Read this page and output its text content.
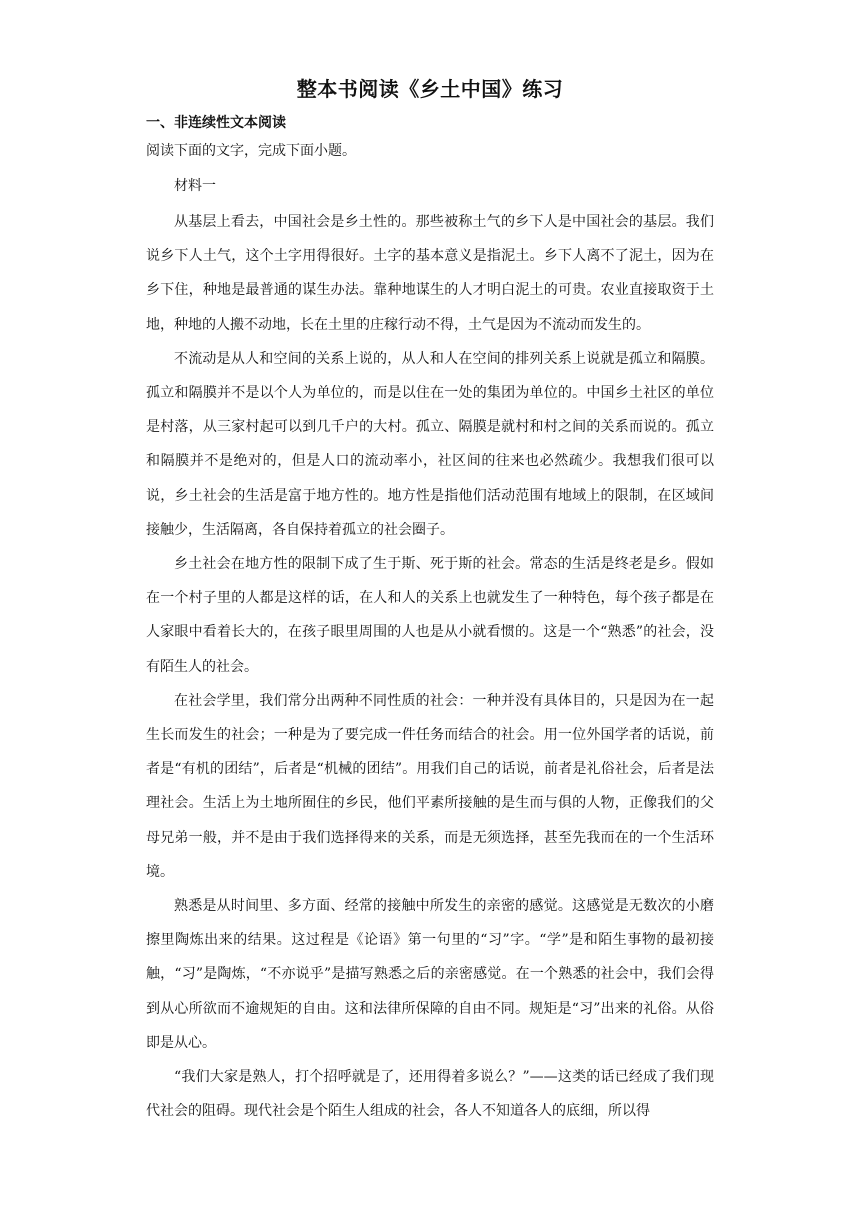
整本书阅读《乡土中国》练习
一、非连续性文本阅读
阅读下面的文字，完成下面小题。
材料一

从基层上看去，中国社会是乡土性的。那些被称土气的乡下人是中国社会的基层。我们说乡下人土气，这个土字用得很好。土字的基本意义是指泥土。乡下人离不了泥土，因为在乡下住，种地是最普通的谋生办法。靠种地谋生的人才明白泥土的可贵。农业直接取资于土地，种地的人搬不动地，长在土里的庄稼行动不得，土气是因为不流动而发生的。

不流动是从人和空间的关系上说的，从人和人在空间的排列关系上说就是孤立和隔膜。孤立和隔膜并不是以个人为单位的，而是以住在一处的集团为单位的。中国乡土社区的单位是村落，从三家村起可以到几千户的大村。孤立、隔膜是就村和村之间的关系而说的。孤立和隔膜并不是绝对的，但是人口的流动率小，社区间的往来也必然疏少。我想我们很可以说，乡土社会的生活是富于地方性的。地方性是指他们活动范围有地域上的限制，在区域间接触少，生活隔离，各自保持着孤立的社会圈子。

乡土社会在地方性的限制下成了生于斯、死于斯的社会。常态的生活是终老是乡。假如在一个村子里的人都是这样的话，在人和人的关系上也就发生了一种特色，每个孩子都是在人家眼中看着长大的，在孩子眼里周围的人也是从小就看惯的。这是一个“熟悉”的社会，没有陌生人的社会。

在社会学里，我们常分出两种不同性质的社会：一种并没有具体目的，只是因为在一起生长而发生的社会；一种是为了要完成一件任务而结合的社会。用一位外国学者的话说，前者是“有机的团结”，后者是“机械的团结”。用我们自己的话说，前者是礼俗社会，后者是法理社会。生活上为土地所囿住的乡民，他们平素所接触的是生而与俱的人物，正像我们的父母兄弟一般，并不是由于我们选择得来的关系，而是无须选择，甚至先我而在的一个生活环境。

熟悉是从时间里、多方面、经常的接触中所发生的亲密的感觉。这感觉是无数次的小磨擦里陶炼出来的结果。这过程是《论语》第一句里的“习”字。“学”是和陌生事物的最初接触，“习”是陶炼，“不亦说乎”是描写熟悉之后的亲密感觉。在一个熟悉的社会中，我们会得到从心所欲而不逾规矩的自由。这和法律所保障的自由不同。规矩是“习”出来的礼俗。从俗即是从心。

“我们大家是熟人，打个招呼就是了，还用得着多说么？”——这类的话已经成了我们现代社会的阻碍。现代社会是个陌生人组成的社会，各人不知道各人的底细，所以得
